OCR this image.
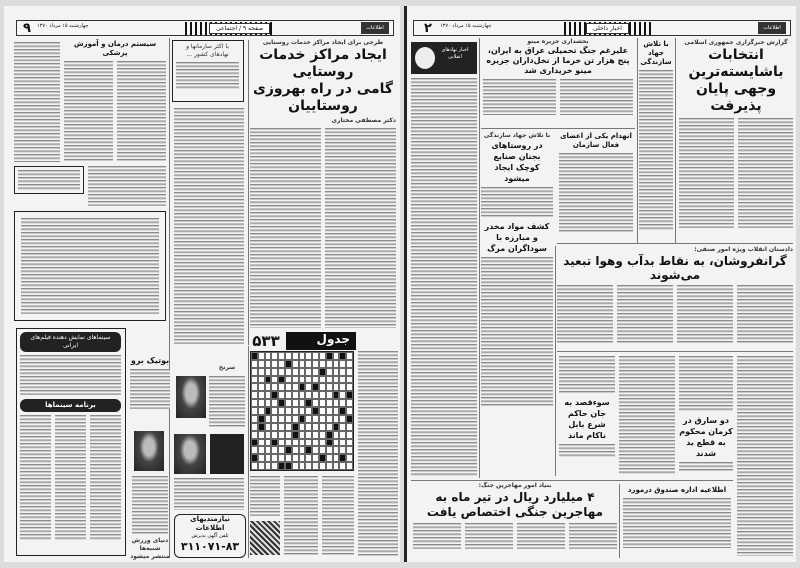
۹ چهارشنبه ۱۵ مرداد ۱۳۷۰	صفحه ۹ / اجتماعی	اطلاعات
طرحی برای ایجاد مراکز خدمات روستایی
ایجاد مراکز خدمات روستایی
گامی در راه بهروزی روستاییان
دکتر مصطفی مختاری
با اکثر سازمانها و نهادهای کشور ...
سیستم درمان و آموزش پزشکی
سینماهای نمایش دهنده فیلم‌های ایرانی
برنامه سینماها
بوتیک برو
دنیای ورزش
شنبه‌ها
منتشر میشود
سرنخ
نیازمندیهای اطلاعات
تلفن آگهی پذیرش
۳۱۱۰۷۱-۸۳
۵۳۳	جدول
۲ چهارشنبه ۱۵ مرداد ۱۳۷۰	اخبار داخلی	اطلاعات
گزارش خبرگزاری جمهوری اسلامی
انتخابات باشایسته‌ترین
وجهی پایان پذیرفت
با تلاش جهاد سازندگی
بخشداری جزیره مینو
علیرغم جنگ تحمیلی عراق به ایران، پنج هزار تن خرما از نخل‌داران جزیره مینو خریداری شد
انهدام یکی از اعضای فعال سازمان
اخبار نهادهای انقلابی
با تلاش جهاد سازندگی
در روستاهای بجنان صنایع کوچک ایجاد میشود
کشف مواد مخدر و مبارزه با سوداگران مرگ	دادستان انقلاب ویژه امور صنفی:
گرانفروشان، به نقاط بدآب وهوا تبعید می‌شوند
دو سارق در کرمان محکوم به قطع ید شدند
سوءقصد به جان حاکم شرع بابل ناکام ماند
بنیاد امور مهاجرین جنگ:
۴ میلیارد ریال در تیر ماه به مهاجرین جنگی اختصاص یافت
اطلاعیه اداره صندوق درمورد
